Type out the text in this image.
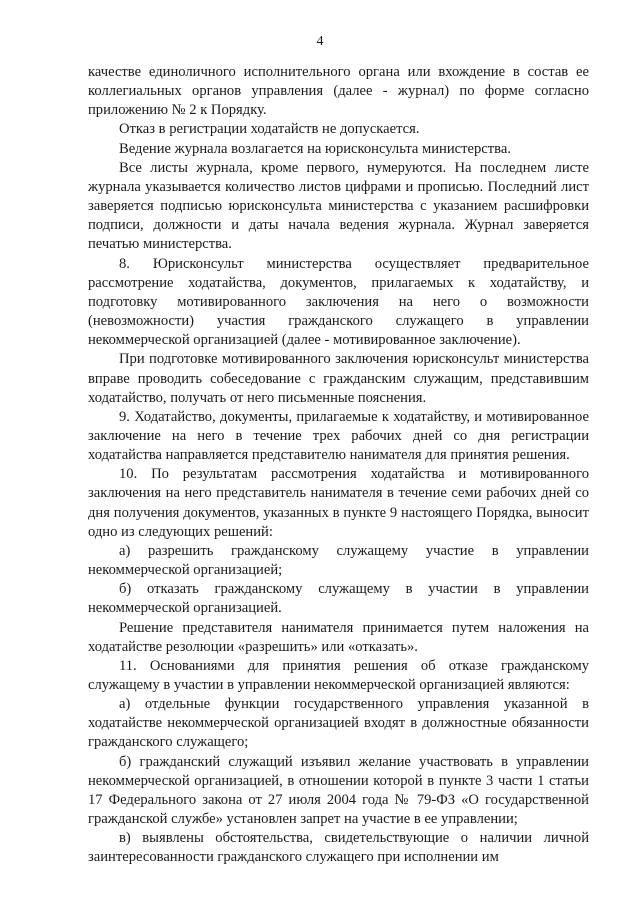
4

качестве единоличного исполнительного органа или вхождение в состав ее коллегиальных органов управления (далее - журнал) по форме согласно приложению № 2 к Порядку.

Отказ в регистрации ходатайств не допускается.

Ведение журнала возлагается на юрисконсульта министерства.

Все листы журнала, кроме первого, нумеруются. На последнем листе журнала указывается количество листов цифрами и прописью. Последний лист заверяется подписью юрисконсульта министерства с указанием расшифровки подписи, должности и даты начала ведения журнала. Журнал заверяется печатью министерства.

8. Юрисконсульт министерства осуществляет предварительное рассмотрение ходатайства, документов, прилагаемых к ходатайству, и подготовку мотивированного заключения на него о возможности (невозможности) участия гражданского служащего в управлении некоммерческой организацией (далее - мотивированное заключение).

При подготовке мотивированного заключения юрисконсульт министерства вправе проводить собеседование с гражданским служащим, представившим ходатайство, получать от него письменные пояснения.

9. Ходатайство, документы, прилагаемые к ходатайству, и мотивированное заключение на него в течение трех рабочих дней со дня регистрации ходатайства направляется представителю нанимателя для принятия решения.

10. По результатам рассмотрения ходатайства и мотивированного заключения на него представитель нанимателя в течение семи рабочих дней со дня получения документов, указанных в пункте 9 настоящего Порядка, выносит одно из следующих решений:

а) разрешить гражданскому служащему участие в управлении некоммерческой организацией;

б) отказать гражданскому служащему в участии в управлении некоммерческой организацией.

Решение представителя нанимателя принимается путем наложения на ходатайстве резолюции «разрешить» или «отказать».

11. Основаниями для принятия решения об отказе гражданскому служащему в участии в управлении некоммерческой организацией являются:

а) отдельные функции государственного управления указанной в ходатайстве некоммерческой организацией входят в должностные обязанности гражданского служащего;

б) гражданский служащий изъявил желание участвовать в управлении некоммерческой организацией, в отношении которой в пункте 3 части 1 статьи 17 Федерального закона от 27 июля 2004 года № 79-ФЗ «О государственной гражданской службе» установлен запрет на участие в ее управлении;

в) выявлены обстоятельства, свидетельствующие о наличии личной заинтересованности гражданского служащего при исполнении им
